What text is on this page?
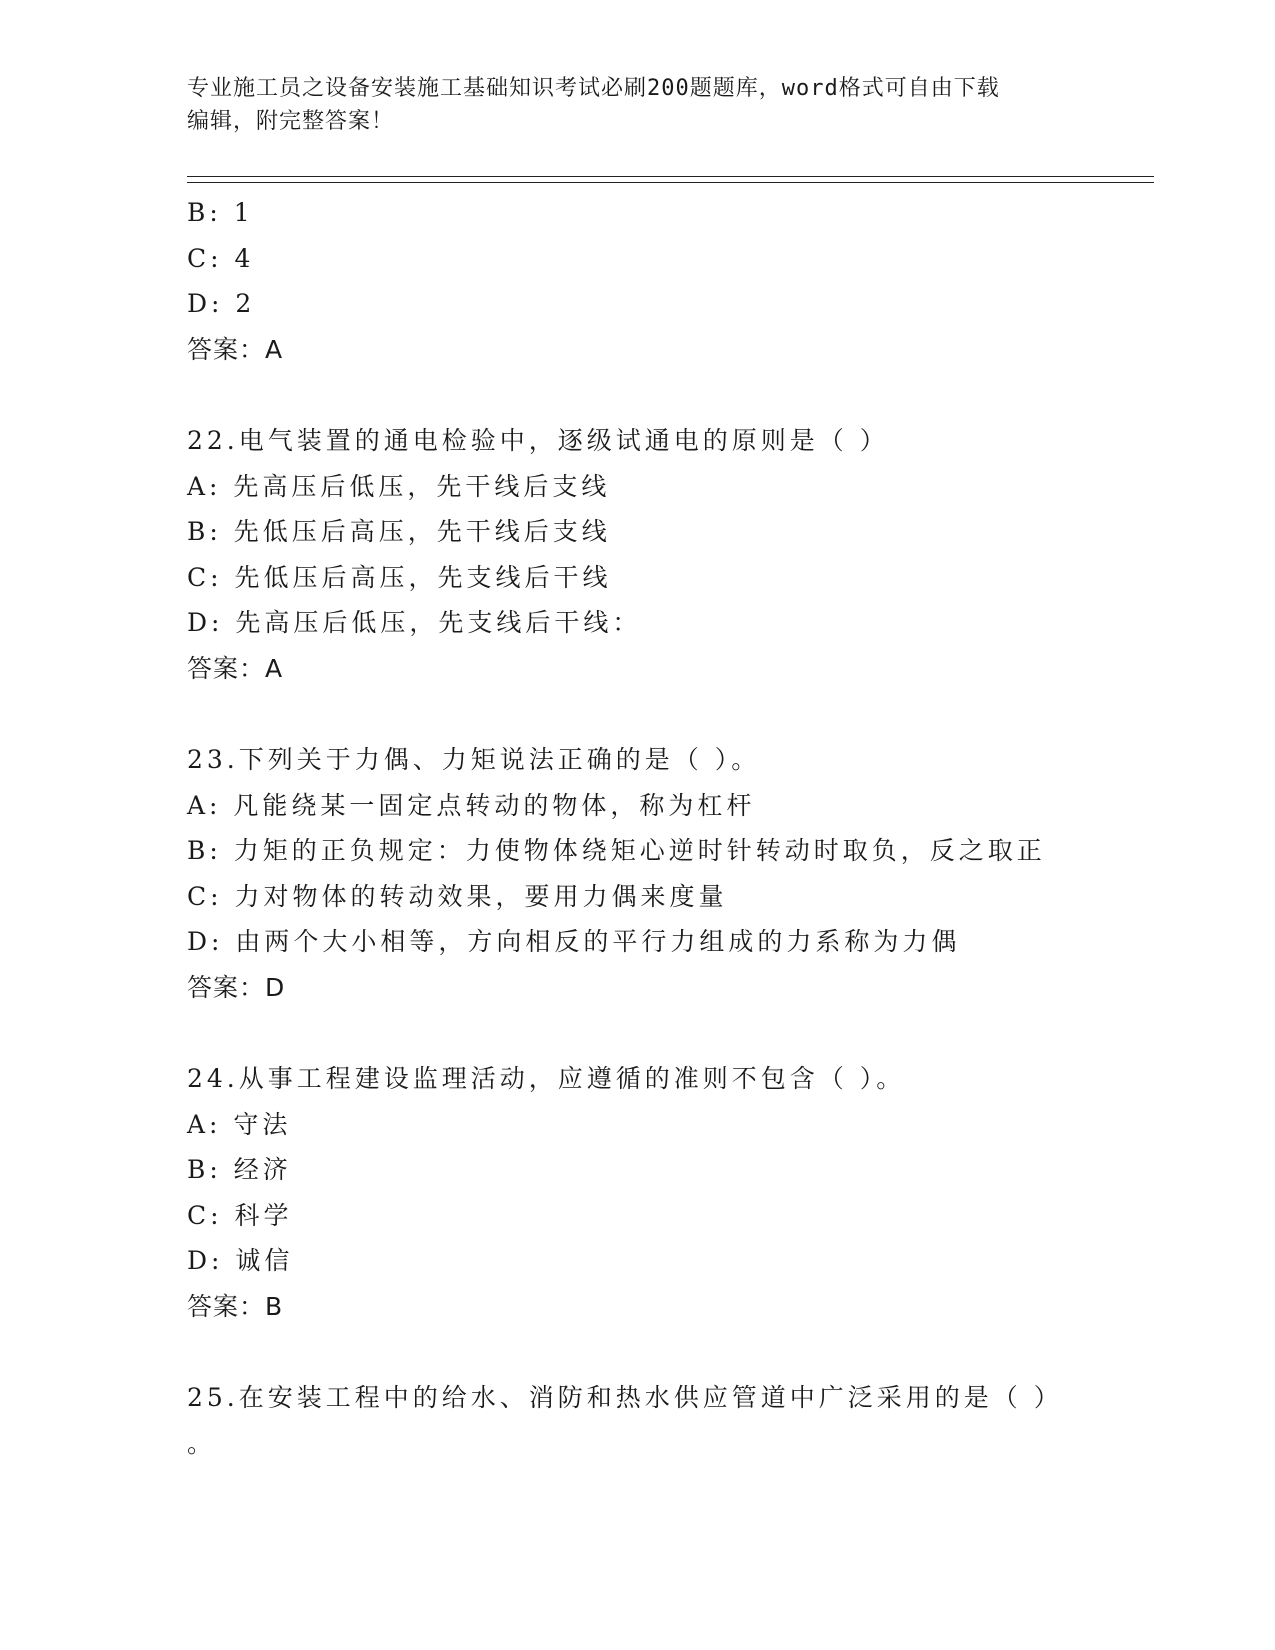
专业施工员之设备安装施工基础知识考试必刷200题题库，word格式可自由下载
编辑，附完整答案！
B: 1
C: 4
D: 2
答案：A
22.电气装置的通电检验中，逐级试通电的原则是（ ）
A: 先高压后低压，先干线后支线
B: 先低压后高压，先干线后支线
C: 先低压后高压，先支线后干线
D: 先高压后低压，先支线后干线：
答案：A
23.下列关于力偶、力矩说法正确的是（ ）。
A: 凡能绕某一固定点转动的物体，称为杠杆
B: 力矩的正负规定：力使物体绕矩心逆时针转动时取负，反之取正
C: 力对物体的转动效果，要用力偶来度量
D: 由两个大小相等，方向相反的平行力组成的力系称为力偶
答案：D
24.从事工程建设监理活动，应遵循的准则不包含（ ）。
A: 守法
B: 经济
C: 科学
D: 诚信
答案：B
25.在安装工程中的给水、消防和热水供应管道中广泛采用的是（ ）
。
